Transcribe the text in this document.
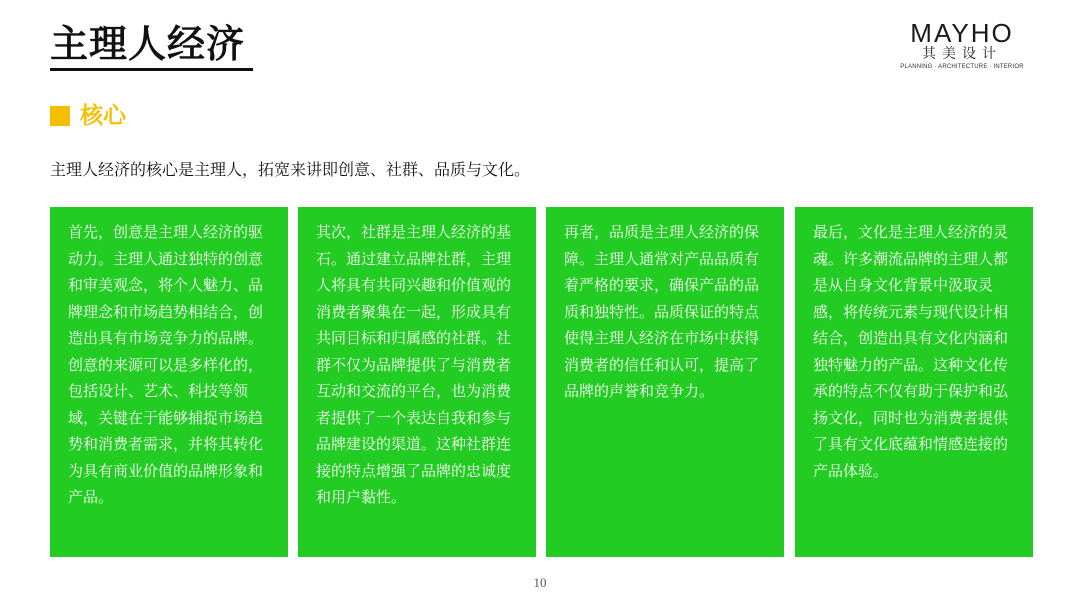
主理人经济	MAYHO
其美设计
PLANNING · ARCHITECTURE · INTERIOR
核心
主理人经济的核心是主理人，拓宽来讲即创意、社群、品质与文化。

首先，创意是主理人经济的驱动力。主理人通过独特的创意和审美观念，将个人魅力、品牌理念和市场趋势相结合，创造出具有市场竞争力的品牌。创意的来源可以是多样化的，包括设计、艺术、科技等领域，关键在于能够捕捉市场趋势和消费者需求，并将其转化为具有商业价值的品牌形象和产品。

其次，社群是主理人经济的基石。通过建立品牌社群，主理人将具有共同兴趣和价值观的消费者聚集在一起，形成具有共同目标和归属感的社群。社群不仅为品牌提供了与消费者互动和交流的平台，也为消费者提供了一个表达自我和参与品牌建设的渠道。这种社群连接的特点增强了品牌的忠诚度和用户黏性。

再者，品质是主理人经济的保障。主理人通常对产品品质有着严格的要求，确保产品的品质和独特性。品质保证的特点使得主理人经济在市场中获得消费者的信任和认可，提高了品牌的声誉和竞争力。

最后，文化是主理人经济的灵魂。许多潮流品牌的主理人都是从自身文化背景中汲取灵感，将传统元素与现代设计相结合，创造出具有文化内涵和独特魅力的产品。这种文化传承的特点不仅有助于保护和弘扬文化，同时也为消费者提供了具有文化底蕴和情感连接的产品体验。

10
